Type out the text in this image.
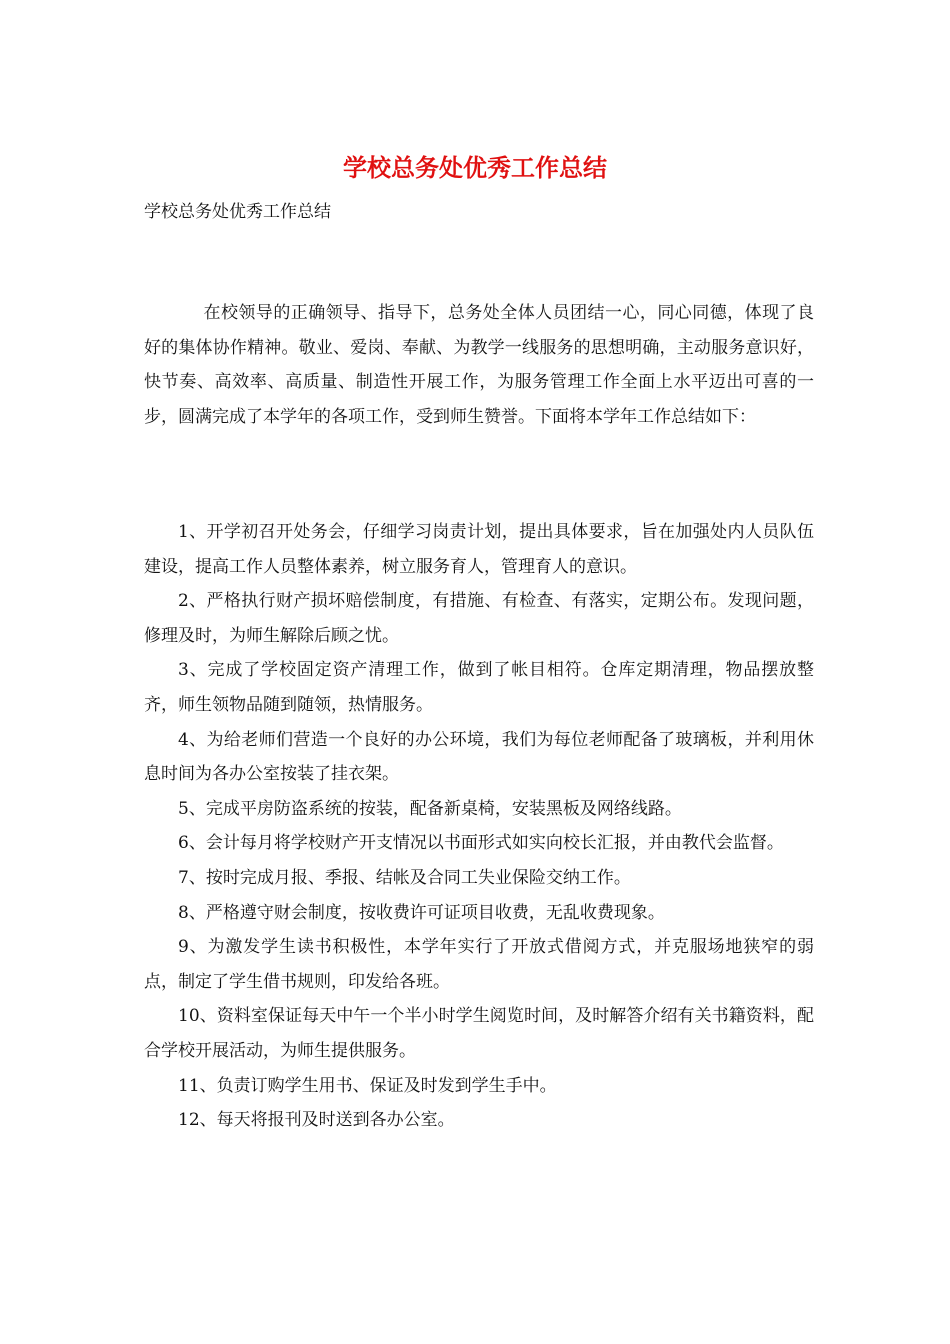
学校总务处优秀工作总结

学校总务处优秀工作总结

在校领导的正确领导、指导下，总务处全体人员团结一心，同心同德，体现了良好的集体协作精神。敬业、爱岗、奉献、为教学一线服务的思想明确，主动服务意识好，快节奏、高效率、高质量、制造性开展工作，为服务管理工作全面上水平迈出可喜的一步，圆满完成了本学年的各项工作，受到师生赞誉。下面将本学年工作总结如下：

1、开学初召开处务会，仔细学习岗责计划，提出具体要求，旨在加强处内人员队伍建设，提高工作人员整体素养，树立服务育人，管理育人的意识。

2、严格执行财产损坏赔偿制度，有措施、有检查、有落实，定期公布。发现问题，修理及时，为师生解除后顾之忧。

3、完成了学校固定资产清理工作，做到了帐目相符。仓库定期清理，物品摆放整齐，师生领物品随到随领，热情服务。

4、为给老师们营造一个良好的办公环境，我们为每位老师配备了玻璃板，并利用休息时间为各办公室按装了挂衣架。

5、完成平房防盗系统的按装，配备新桌椅，安装黑板及网络线路。

6、会计每月将学校财产开支情况以书面形式如实向校长汇报，并由教代会监督。

7、按时完成月报、季报、结帐及合同工失业保险交纳工作。

8、严格遵守财会制度，按收费许可证项目收费，无乱收费现象。

9、为激发学生读书积极性，本学年实行了开放式借阅方式，并克服场地狭窄的弱点，制定了学生借书规则，印发给各班。

10、资料室保证每天中午一个半小时学生阅览时间，及时解答介绍有关书籍资料，配合学校开展活动，为师生提供服务。

11、负责订购学生用书、保证及时发到学生手中。

12、每天将报刊及时送到各办公室。
